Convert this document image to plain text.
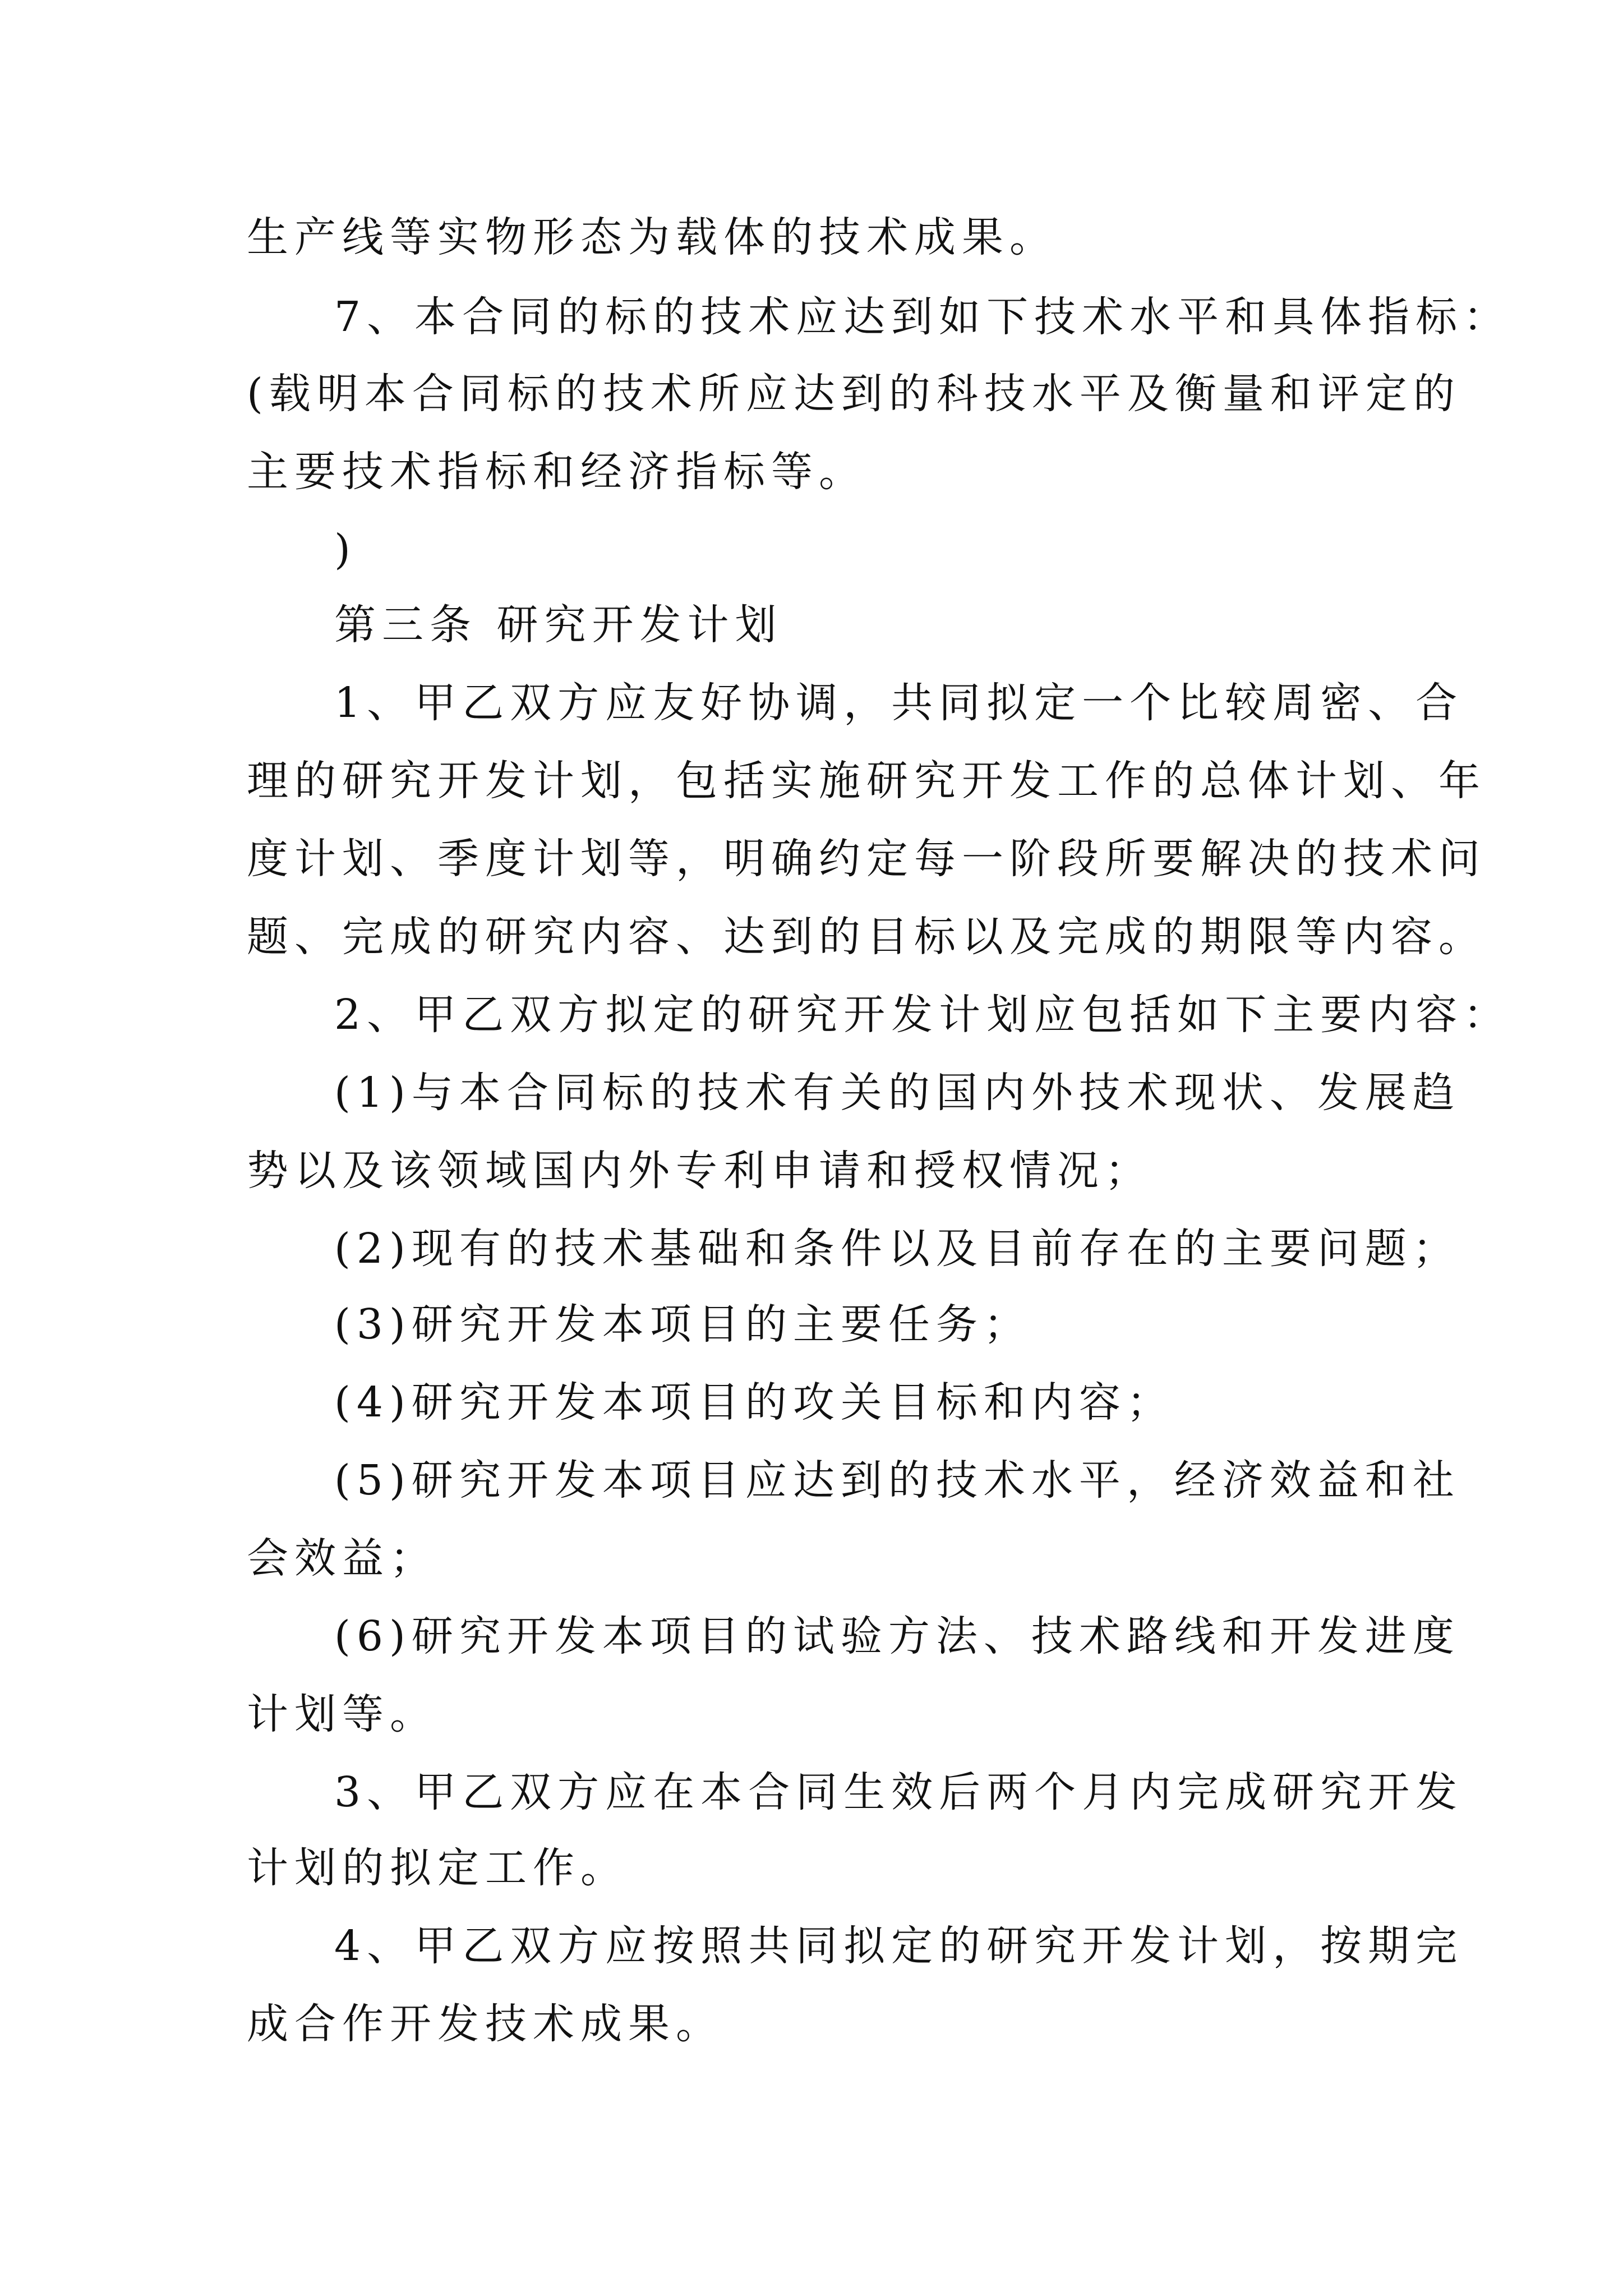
生产线等实物形态为载体的技术成果。

7、本合同的标的技术应达到如下技术水平和具体指标：

(载明本合同标的技术所应达到的科技水平及衡量和评定的

主要技术指标和经济指标等。

)

第三条 研究开发计划

1、甲乙双方应友好协调，共同拟定一个比较周密、合

理的研究开发计划，包括实施研究开发工作的总体计划、年

度计划、季度计划等，明确约定每一阶段所要解决的技术问

题、完成的研究内容、达到的目标以及完成的期限等内容。

2、甲乙双方拟定的研究开发计划应包括如下主要内容：

(1)与本合同标的技术有关的国内外技术现状、发展趋

势以及该领域国内外专利申请和授权情况；

(2)现有的技术基础和条件以及目前存在的主要问题；

(3)研究开发本项目的主要任务；

(4)研究开发本项目的攻关目标和内容；

(5)研究开发本项目应达到的技术水平，经济效益和社

会效益；

(6)研究开发本项目的试验方法、技术路线和开发进度

计划等。

3、甲乙双方应在本合同生效后两个月内完成研究开发

计划的拟定工作。

4、甲乙双方应按照共同拟定的研究开发计划，按期完

成合作开发技术成果。
